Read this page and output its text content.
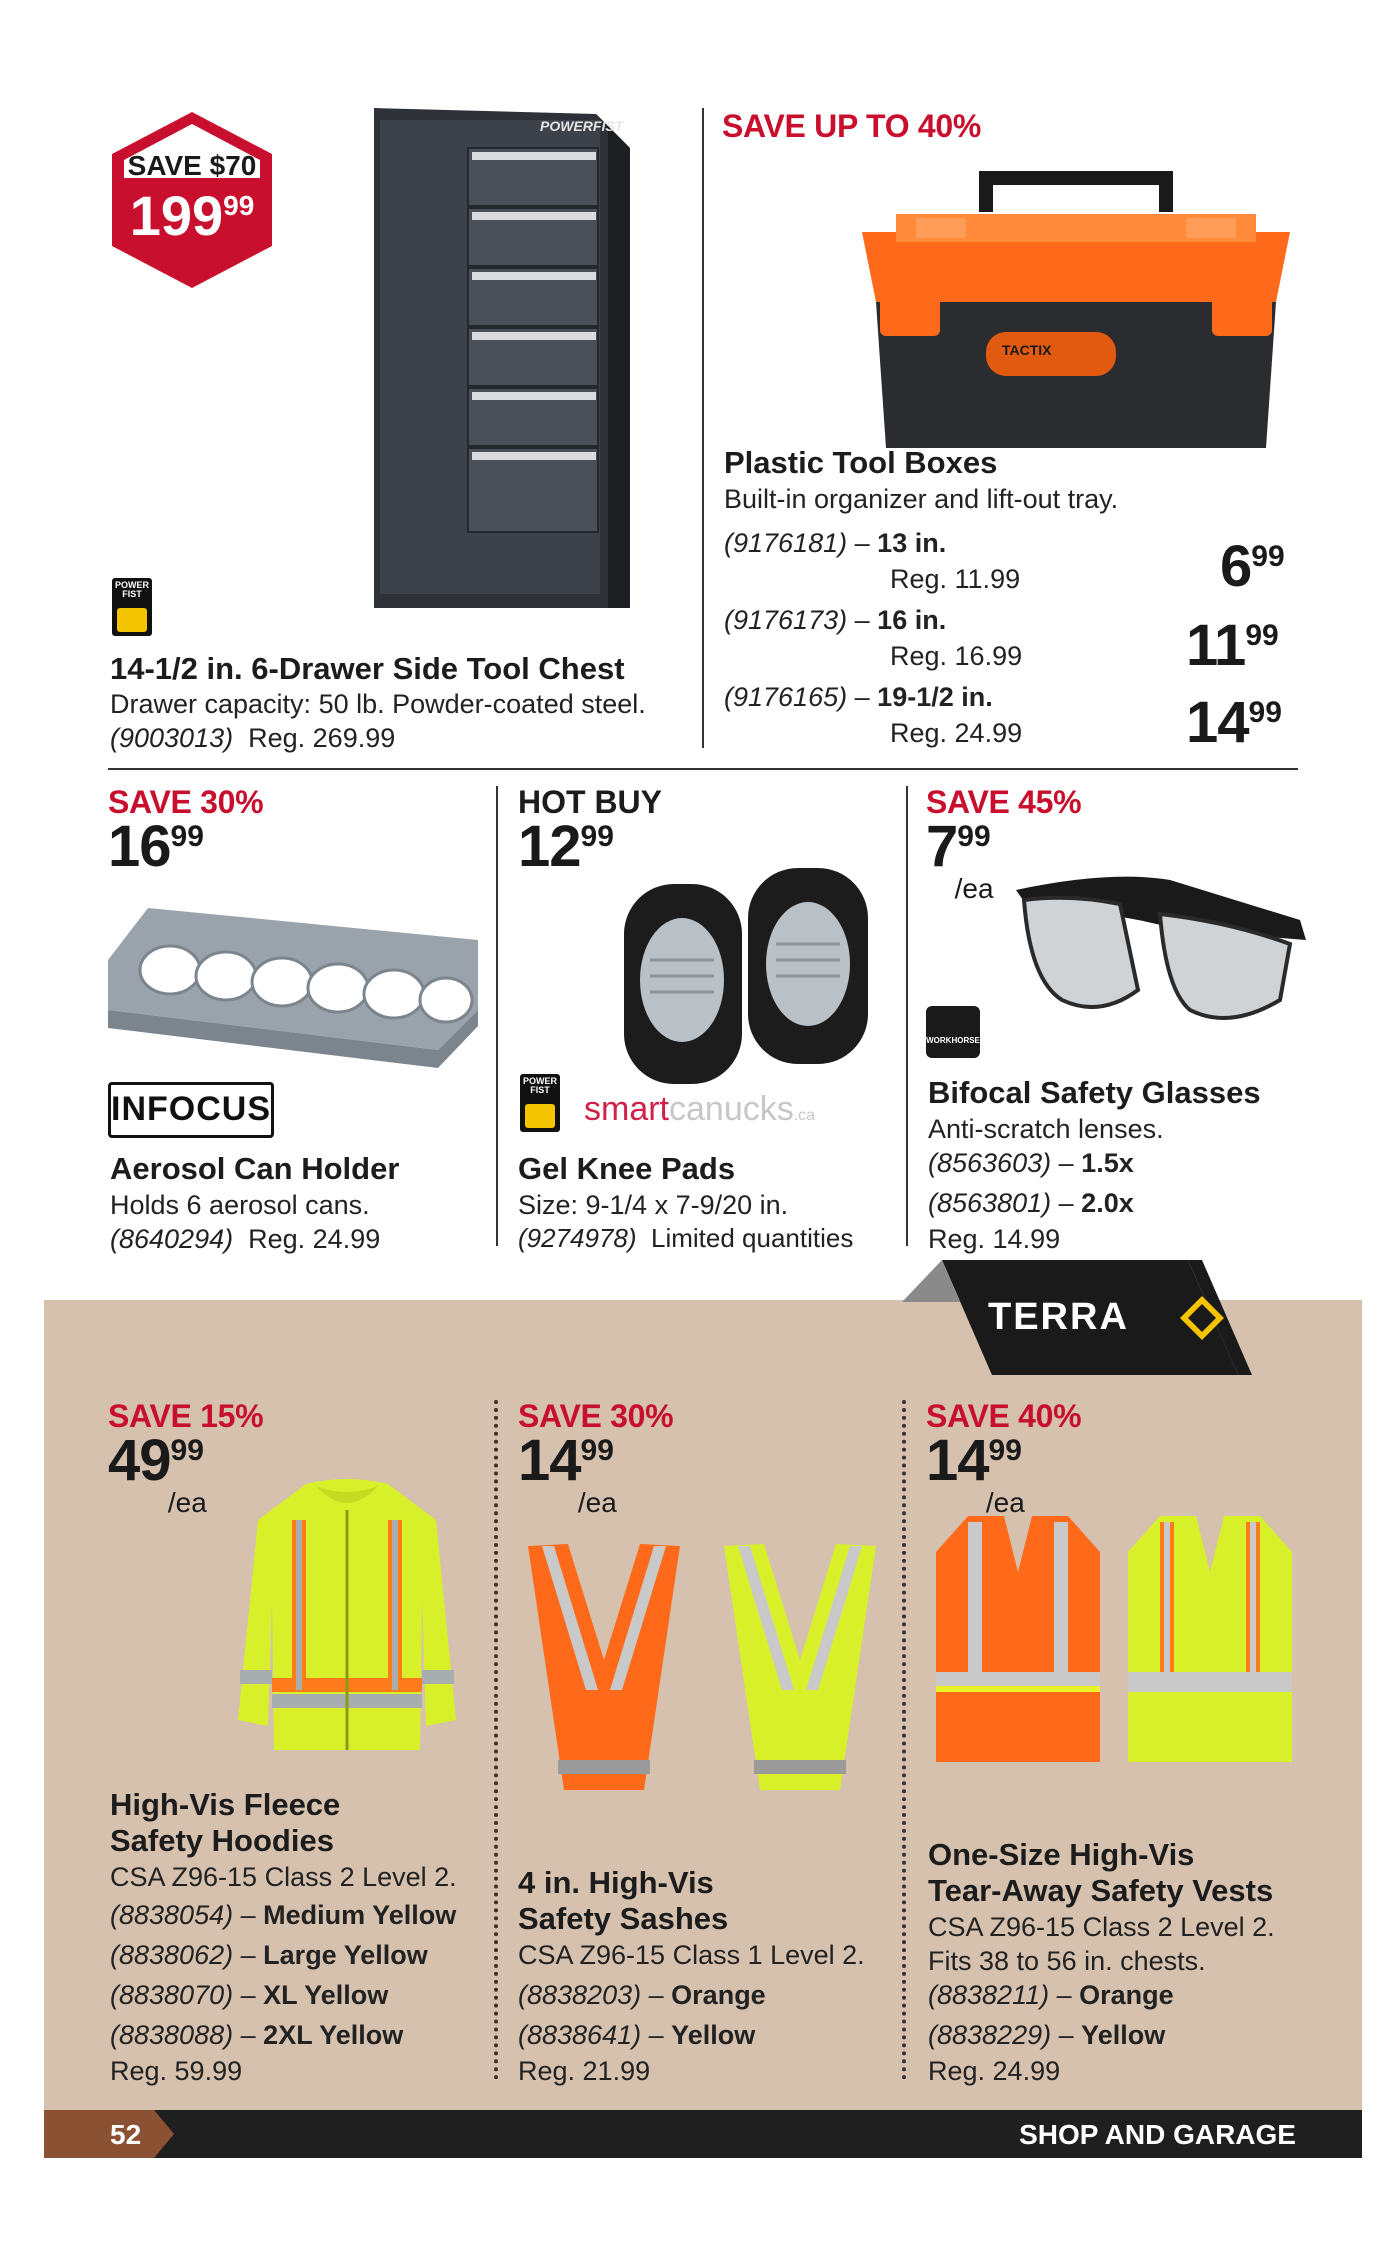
SAVE $70
$199^{99}$
POWERFIST
POWER FIST
14-1/2 in. 6-Drawer Side Tool Chest
Drawer capacity: 50 lb. Powder-coated steel.
(9003013) Reg. 269.99
SAVE UP TO 40%
TACTIX
Plastic Tool Boxes
Built-in organizer and lift-out tray.
(9176181) – 13 in.
Reg. 11.99	$6^{99}$
(9176173) – 16 in.
Reg. 16.99	$11^{99}$
(9176165) – 19-1/2 in.
Reg. 24.99	$14^{99}$
SAVE 30%
$16^{99}$
INFOCUS
Aerosol Can Holder
Holds 6 aerosol cans.
(8640294) Reg. 24.99
HOT BUY
$12^{99}$
POWER FIST	smartcanucks.ca
Gel Knee Pads
Size: 9-1/4 x 7-9/20 in.
(9274978) Limited quantities
SAVE 45%
$7^{99}/ea$
WORKHORSE
Bifocal Safety Glasses
Anti-scratch lenses.
(8563603) – 1.5x
(8563801) – 2.0x
Reg. 14.99
TERRA
SAVE 15%
$49^{99}/ea$
High-Vis Fleece
Safety Hoodies
CSA Z96-15 Class 2 Level 2.
(8838054) – Medium Yellow
(8838062) – Large Yellow
(8838070) – XL Yellow
(8838088) – 2XL Yellow
Reg. 59.99
SAVE 30%
$14^{99}/ea$
4 in. High-Vis
Safety Sashes
CSA Z96-15 Class 1 Level 2.
(8838203) – Orange
(8838641) – Yellow
Reg. 21.99
SAVE 40%
$14^{99}/ea$
One-Size High-Vis
Tear-Away Safety Vests
CSA Z96-15 Class 2 Level 2.
Fits 38 to 56 in. chests.
(8838211) – Orange
(8838229) – Yellow
Reg. 24.99
52	SHOP AND GARAGE
